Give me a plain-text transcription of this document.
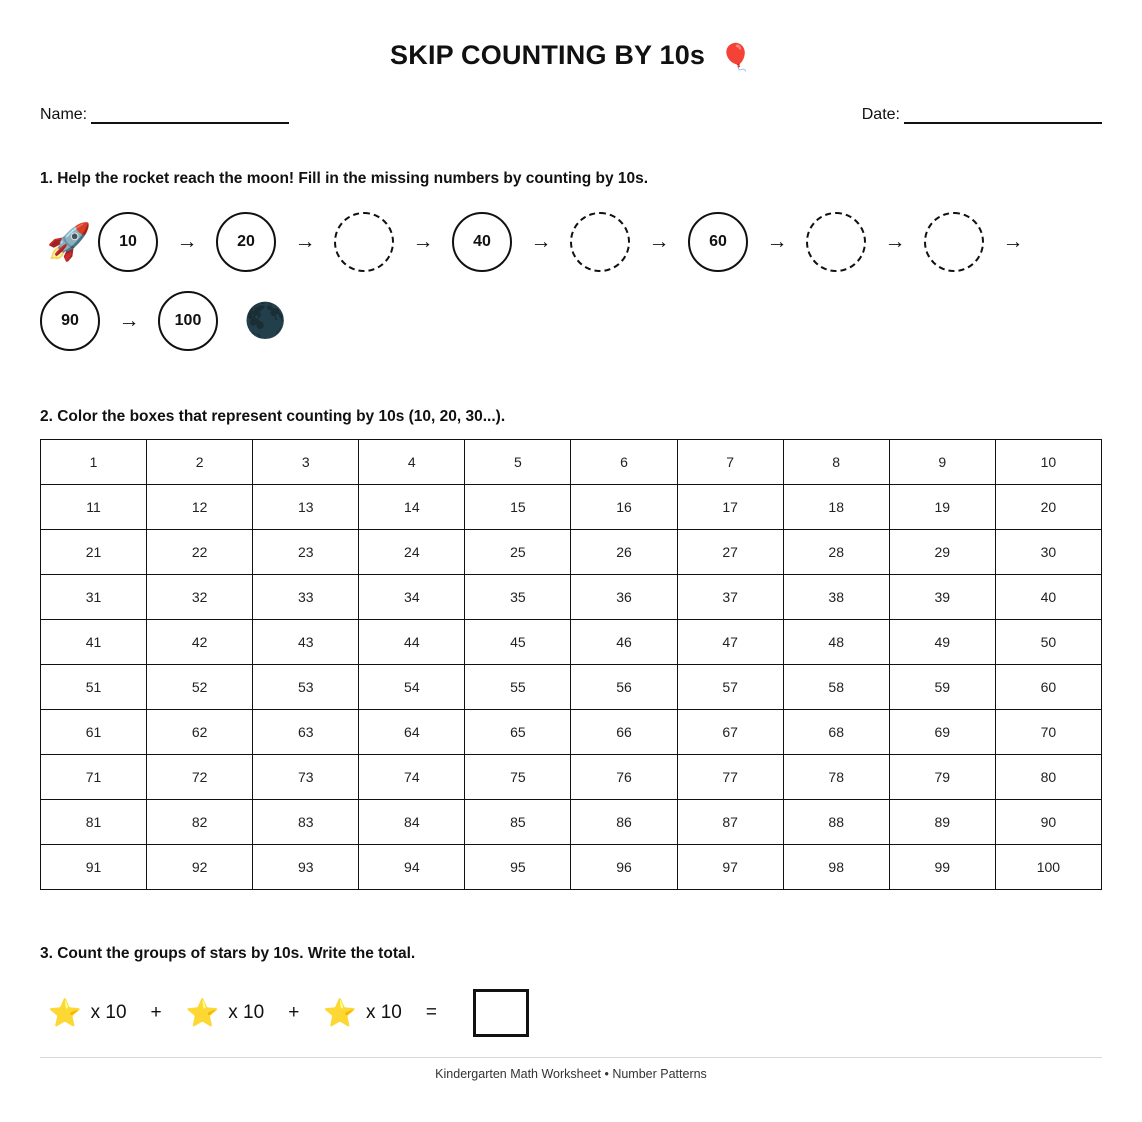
SKIP COUNTING BY 10s 🎈
Name:	Date:
1. Help the rocket reach the moon! Fill in the missing numbers by counting by 10s.
🚀	10	→	20	→	→	40	→	→	60	→	→	→
90	→	100	🌑
2. Color the boxes that represent counting by 10s (10, 20, 30...).
1	2	3	4	5	6	7	8	9	10
11	12	13	14	15	16	17	18	19	20
21	22	23	24	25	26	27	28	29	30
31	32	33	34	35	36	37	38	39	40
41	42	43	44	45	46	47	48	49	50
51	52	53	54	55	56	57	58	59	60
61	62	63	64	65	66	67	68	69	70
71	72	73	74	75	76	77	78	79	80
81	82	83	84	85	86	87	88	89	90
91	92	93	94	95	96	97	98	99	100
3. Count the groups of stars by 10s. Write the total.
⭐ x 10 + ⭐ x 10 + ⭐ x 10 =
Kindergarten Math Worksheet • Number Patterns
